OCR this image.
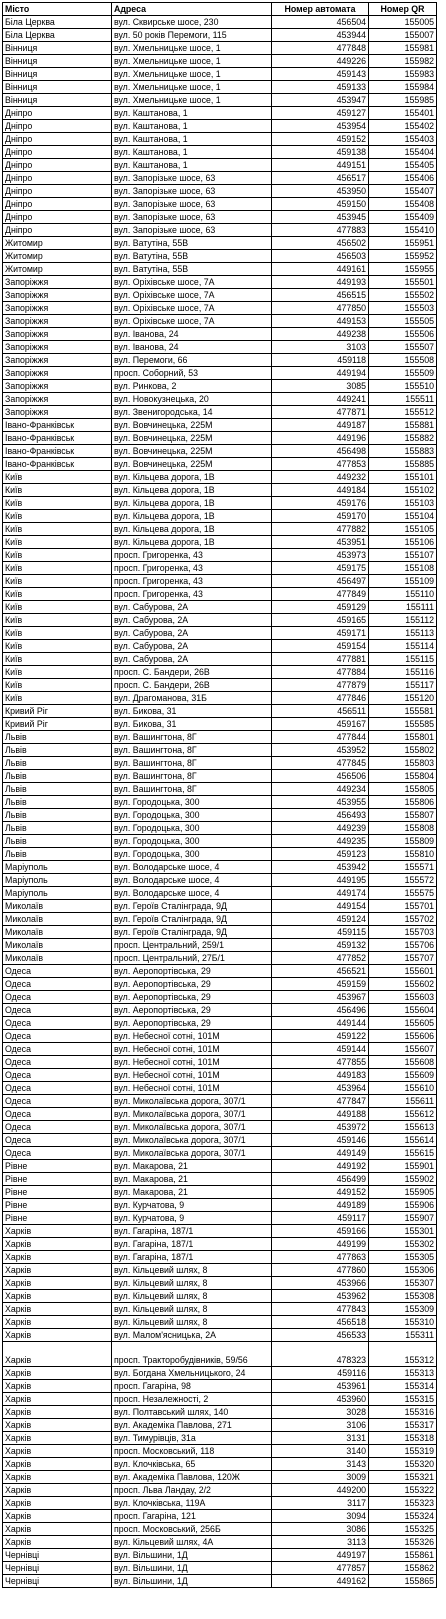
Місто	Адреса	Номер автомата	Номер QR
Біла Церква	вул. Сквирське шосе, 230	456504	155005
Біла Церква	вул. 50 років Перемоги, 115	453944	155007
Вінниця	вул. Хмельницьке шосе, 1	477848	155981
Вінниця	вул. Хмельницьке шосе, 1	449226	155982
Вінниця	вул. Хмельницьке шосе, 1	459143	155983
Вінниця	вул. Хмельницьке шосе, 1	459133	155984
Вінниця	вул. Хмельницьке шосе, 1	453947	155985
Дніпро	вул. Каштанова, 1	459127	155401
Дніпро	вул. Каштанова, 1	453954	155402
Дніпро	вул. Каштанова, 1	459152	155403
Дніпро	вул. Каштанова, 1	459138	155404
Дніпро	вул. Каштанова, 1	449151	155405
Дніпро	вул. Запорізьке шосе, 63	456517	155406
Дніпро	вул. Запорізьке шосе, 63	453950	155407
Дніпро	вул. Запорізьке шосе, 63	459150	155408
Дніпро	вул. Запорізьке шосе, 63	453945	155409
Дніпро	вул. Запорізьке шосе, 63	477883	155410
Житомир	вул. Ватутіна, 55В	456502	155951
Житомир	вул. Ватутіна, 55В	456503	155952
Житомир	вул. Ватутіна, 55В	449161	155955
Запоріжжя	вул. Оріхівське шосе, 7А	449193	155501
Запоріжжя	вул. Оріхівське шосе, 7А	456515	155502
Запоріжжя	вул. Оріхівське шосе, 7А	477850	155503
Запоріжжя	вул. Оріхівське шосе, 7А	449153	155505
Запоріжжя	вул. Іванова, 24	449238	155506
Запоріжжя	вул. Іванова, 24	3103	155507
Запоріжжя	вул. Перемоги, 66	459118	155508
Запоріжжя	просп. Соборний, 53	449194	155509
Запоріжжя	вул. Ринкова, 2	3085	155510
Запоріжжя	вул. Новокузнецька, 20	449241	155511
Запоріжжя	вул. Звенигородська, 14	477871	155512
Івано-Франківськ	вул. Вовчинецька, 225М	449187	155881
Івано-Франківськ	вул. Вовчинецька, 225М	449196	155882
Івано-Франківськ	вул. Вовчинецька, 225М	456498	155883
Івано-Франківськ	вул. Вовчинецька, 225М	477853	155885
Київ	вул. Кільцева дорога, 1В	449232	155101
Київ	вул. Кільцева дорога, 1В	449184	155102
Київ	вул. Кільцева дорога, 1В	459176	155103
Київ	вул. Кільцева дорога, 1В	459170	155104
Київ	вул. Кільцева дорога, 1В	477882	155105
Київ	вул. Кільцева дорога, 1В	453951	155106
Київ	просп. Григоренка, 43	453973	155107
Київ	просп. Григоренка, 43	459175	155108
Київ	просп. Григоренка, 43	456497	155109
Київ	просп. Григоренка, 43	477849	155110
Київ	вул. Сабурова, 2А	459129	155111
Київ	вул. Сабурова, 2А	459165	155112
Київ	вул. Сабурова, 2А	459171	155113
Київ	вул. Сабурова, 2А	459154	155114
Київ	вул. Сабурова, 2А	477881	155115
Київ	просп. С. Бандери, 26В	477884	155116
Київ	просп. С. Бандери, 26В	477879	155117
Київ	вул. Драгоманова, 31Б	477846	155120
Кривий Ріг	вул. Бикова, 31	456511	155581
Кривий Ріг	вул. Бикова, 31	459167	155585
Львів	вул. Вашингтона, 8Г	477844	155801
Львів	вул. Вашингтона, 8Г	453952	155802
Львів	вул. Вашингтона, 8Г	477845	155803
Львів	вул. Вашингтона, 8Г	456506	155804
Львів	вул. Вашингтона, 8Г	449234	155805
Львів	вул. Городоцька, 300	453955	155806
Львів	вул. Городоцька, 300	456493	155807
Львів	вул. Городоцька, 300	449239	155808
Львів	вул. Городоцька, 300	449235	155809
Львів	вул. Городоцька, 300	459123	155810
Маріуполь	вул. Володарське шосе, 4	453942	155571
Маріуполь	вул. Володарське шосе, 4	449195	155572
Маріуполь	вул. Володарське шосе, 4	449174	155575
Миколаїв	вул. Героїв Сталінграда, 9Д	449154	155701
Миколаїв	вул. Героїв Сталінграда, 9Д	459124	155702
Миколаїв	вул. Героїв Сталінграда, 9Д	459115	155703
Миколаїв	просп. Центральний, 259/1	459132	155706
Миколаїв	просп. Центральний, 27Б/1	477852	155707
Одеса	вул. Аеропортівська, 29	456521	155601
Одеса	вул. Аеропортівська, 29	459159	155602
Одеса	вул. Аеропортівська, 29	453967	155603
Одеса	вул. Аеропортівська, 29	456496	155604
Одеса	вул. Аеропортівська, 29	449144	155605
Одеса	вул. Небесної сотні, 101М	459122	155606
Одеса	вул. Небесної сотні, 101М	459144	155607
Одеса	вул. Небесної сотні, 101М	477855	155608
Одеса	вул. Небесної сотні, 101М	449183	155609
Одеса	вул. Небесної сотні, 101М	453964	155610
Одеса	вул. Миколаївська дорога, 307/1	477847	155611
Одеса	вул. Миколаївська дорога, 307/1	449188	155612
Одеса	вул. Миколаївська дорога, 307/1	453972	155613
Одеса	вул. Миколаївська дорога, 307/1	459146	155614
Одеса	вул. Миколаївська дорога, 307/1	449149	155615
Рівне	вул. Макарова, 21	449192	155901
Рівне	вул. Макарова, 21	456499	155902
Рівне	вул. Макарова, 21	449152	155905
Рівне	вул. Курчатова, 9	449189	155906
Рівне	вул. Курчатова, 9	459117	155907
Харків	вул. Гагаріна, 187/1	459166	155301
Харків	вул. Гагаріна, 187/1	449199	155302
Харків	вул. Гагаріна, 187/1	477863	155305
Харків	вул. Кільцевий шлях, 8	477860	155306
Харків	вул. Кільцевий шлях, 8	453966	155307
Харків	вул. Кільцевий шлях, 8	453962	155308
Харків	вул. Кільцевий шлях, 8	477843	155309
Харків	вул. Кільцевий шлях, 8	456518	155310
Харків	вул. Малом'ясницька, 2А	456533	155311
Харків	просп. Тракторобудівників, 59/56	478323	155312
Харків	вул. Богдана Хмельницького, 24	459116	155313
Харків	просп. Гагаріна, 98	453961	155314
Харків	просп. Незалежності, 2	453960	155315
Харків	вул. Полтавський шлях, 140	3028	155316
Харків	вул. Академіка Павлова, 271	3106	155317
Харків	вул. Тимурівців, 31а	3131	155318
Харків	просп. Московський, 118	3140	155319
Харків	вул. Клочківська, 65	3143	155320
Харків	вул. Академіка Павлова, 120Ж	3009	155321
Харків	просп. Льва Ландау, 2/2	449200	155322
Харків	вул. Клочківська, 119А	3117	155323
Харків	просп. Гагаріна, 121	3094	155324
Харків	просп. Московський, 256Б	3086	155325
Харків	вул. Кільцевий шлях, 4А	3113	155326
Чернівці	вул. Вільшини, 1Д	449197	155861
Чернівці	вул. Вільшини, 1Д	477857	155862
Чернівці	вул. Вільшини, 1Д	449162	155865
